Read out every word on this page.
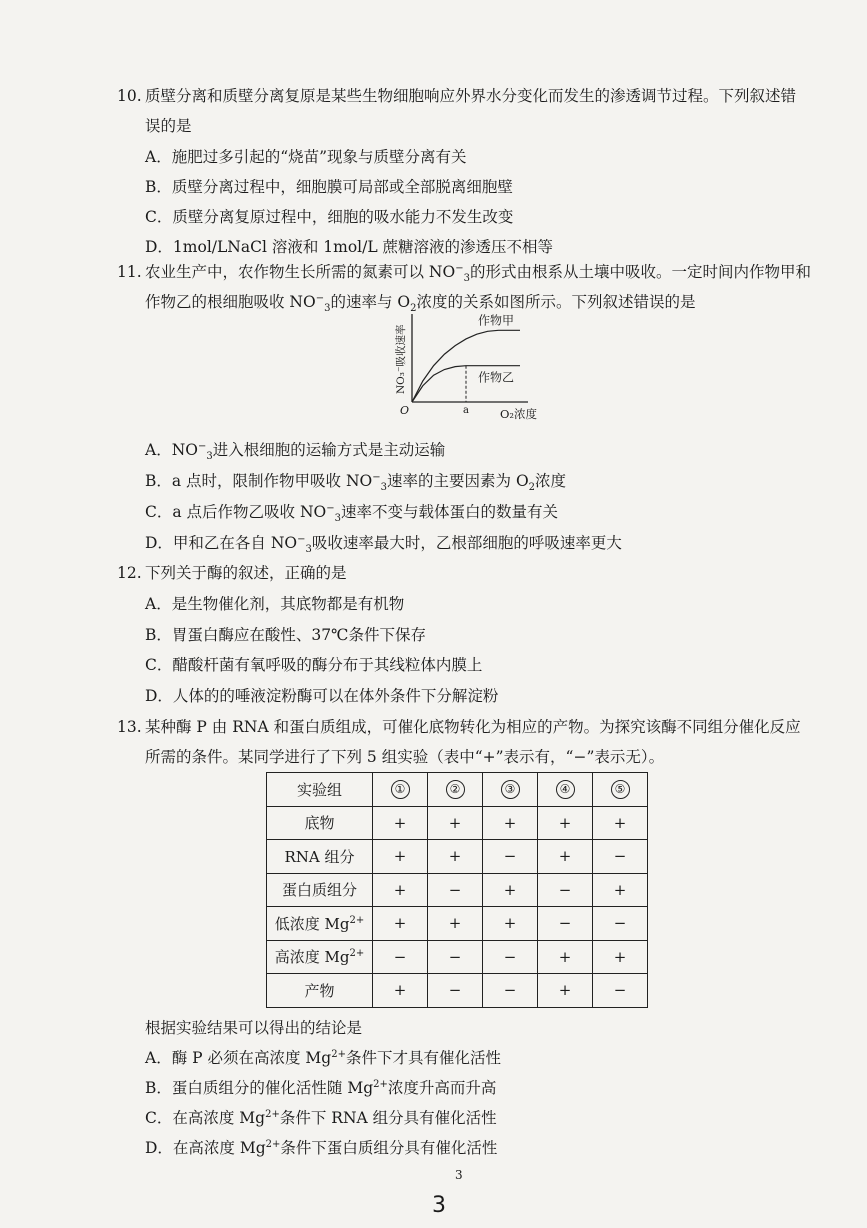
10. 质壁分离和质壁分离复原是某些生物细胞响应外界水分变化而发生的渗透调节过程。下列叙述错
误的是
A．施肥过多引起的“烧苗”现象与质壁分离有关
B．质壁分离过程中，细胞膜可局部或全部脱离细胞壁
C．质壁分离复原过程中，细胞的吸水能力不发生改变
D．1mol/LNaCl 溶液和 1mol/L 蔗糖溶液的渗透压不相等
11. 农业生产中，农作物生长所需的氮素可以 $NO^-_3$的形式由根系从土壤中吸收。一定时间内作物甲和
作物乙的根细胞吸收 $NO^-_3$的速率与 $O_2$浓度的关系如图所示。下列叙述错误的是
作物甲
作物乙
a
O	O₂浓度
NO₃⁻吸收速率
A．$NO^-_3$进入根细胞的运输方式是主动运输
B．a 点时，限制作物甲吸收 $NO^-_3$速率的主要因素为 $O_2$浓度
C．a 点后作物乙吸收 $NO^-_3$速率不变与载体蛋白的数量有关
D．甲和乙在各自 $NO^-_3$吸收速率最大时，乙根部细胞的呼吸速率更大
12. 下列关于酶的叙述，正确的是
A．是生物催化剂，其底物都是有机物
B．胃蛋白酶应在酸性、37℃条件下保存
C．醋酸杆菌有氧呼吸的酶分布于其线粒体内膜上
D．人体的的唾液淀粉酶可以在体外条件下分解淀粉
13. 某种酶 P 由 RNA 和蛋白质组成，可催化底物转化为相应的产物。为探究该酶不同组分催化反应
所需的条件。某同学进行了下列 5 组实验（表中“+”表示有，“−”表示无）。
实验组	①	②	③	④	⑤
底物	+	+	+	+	+
RNA 组分	+	+	−	+	−
蛋白质组分	+	−	+	−	+
低浓度 $Mg^{2+}$	+	+	+	−	−
高浓度 $Mg^{2+}$	−	−	−	+	+
产物	+	−	−	+	−
根据实验结果可以得出的结论是
A．酶 P 必须在高浓度 $Mg^{2+}$条件下才具有催化活性
B．蛋白质组分的催化活性随 $Mg^{2+}$浓度升高而升高
C．在高浓度 $Mg^{2+}$条件下 RNA 组分具有催化活性
D．在高浓度 $Mg^{2+}$条件下蛋白质组分具有催化活性
3
3
